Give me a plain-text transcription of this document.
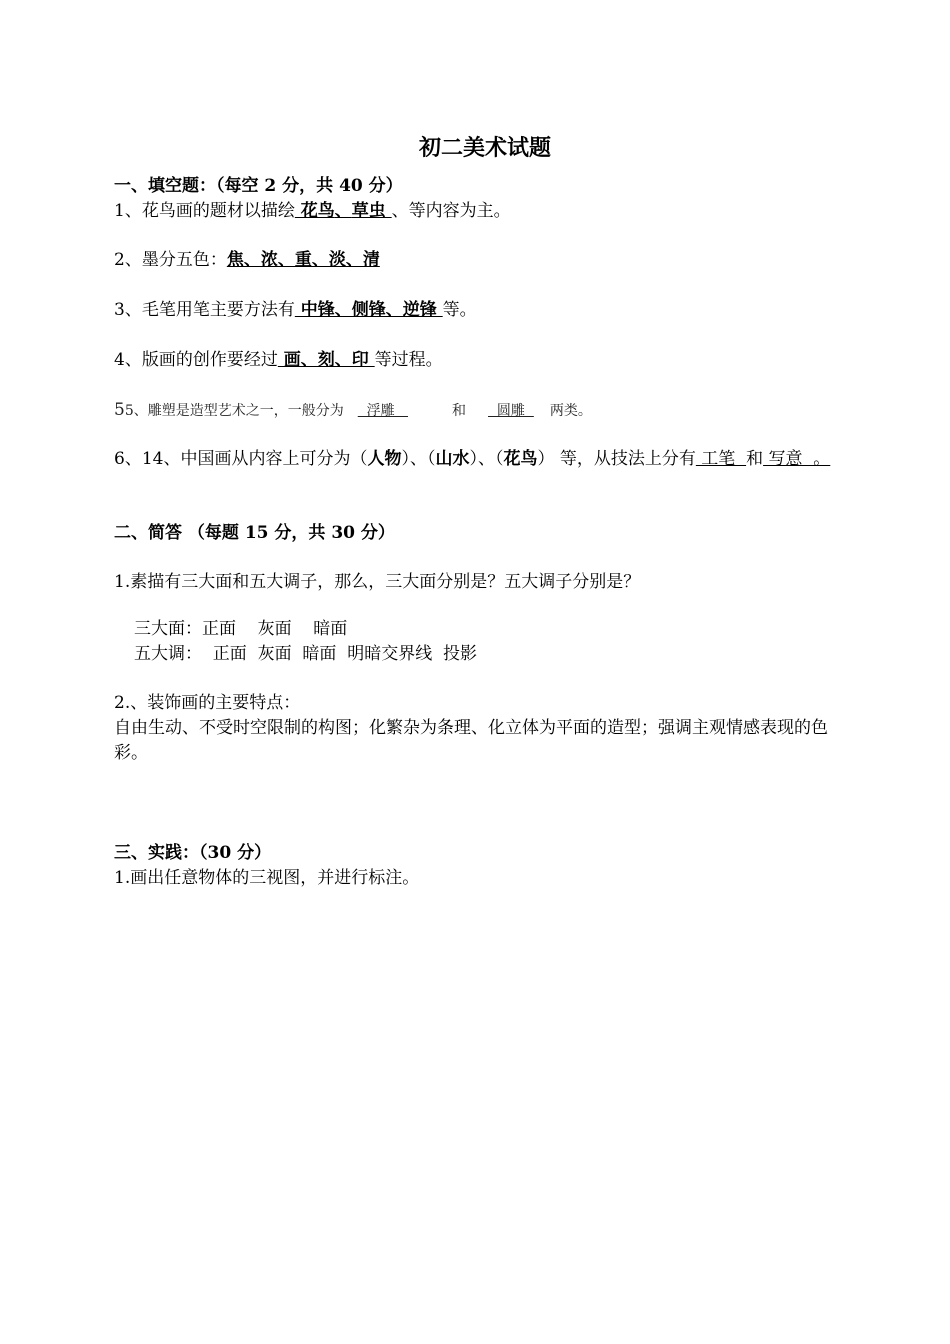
初二美术试题
一、填空题：（每空 2 分，共 40 分）
1、花鸟画的题材以描绘 花鸟、草虫 、等内容为主。
2、墨分五色：焦、浓、重、淡、清
3、毛笔用笔主要方法有 中锋、侧锋、逆锋 等。
4、版画的创作要经过 画、刻、印 等过程。
55、雕塑是造型艺术之一，一般分为  浮雕	和  圆雕  两类。
6、14、中国画从内容上可分为（人物）、（山水）、（花鸟） 等，从技法上分有 工笔  和 写意  。
二、简答 （每题 15 分，共 30 分）
1.素描有三大面和五大调子，那么，三大面分别是？五大调子分别是？
三大面：正面    灰面    暗面
五大调：  正面  灰面  暗面  明暗交界线  投影
2.、装饰画的主要特点：
自由生动、不受时空限制的构图；化繁杂为条理、化立体为平面的造型；强调主观情感表现的色彩。
三、实践：（30 分）
1.画出任意物体的三视图，并进行标注。
